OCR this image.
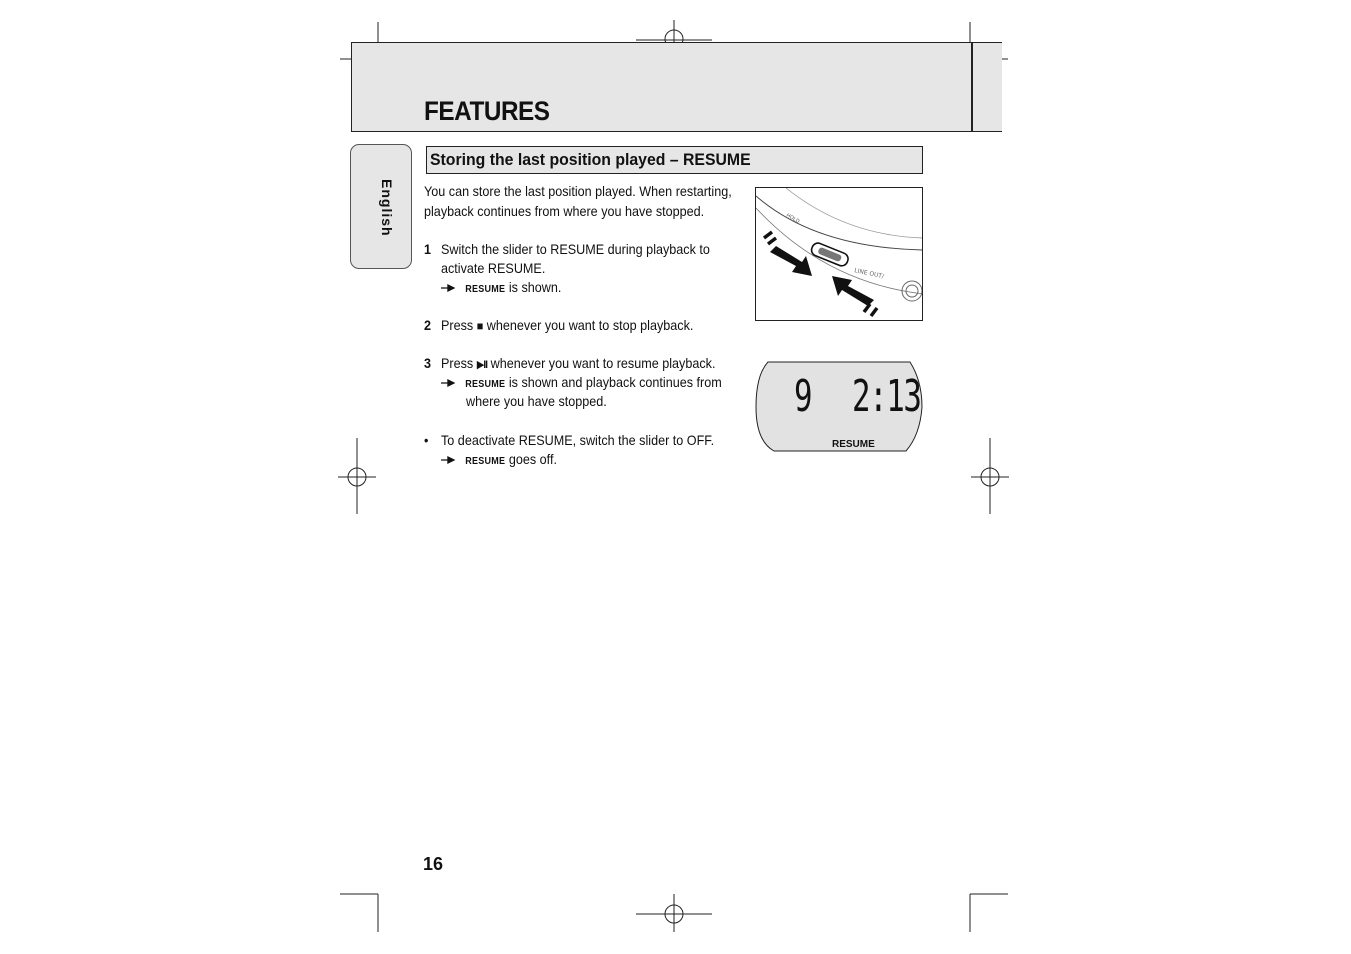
FEATURES
English
Storing the last position played – RESUME
You can store the last position played. When restarting,
playback continues from where you have stopped.
1 Switch the slider to RESUME during playback to
activate RESUME.
RESUME is shown.
2 Press ■ whenever you want to stop playback.
3 Press ▶II whenever you want to resume playback.
RESUME is shown and playback continues from
where you have stopped.
• To deactivate RESUME, switch the slider to OFF.
RESUME goes off.
HOLD
LINE OUT/
9 2:13
RESUME
16
